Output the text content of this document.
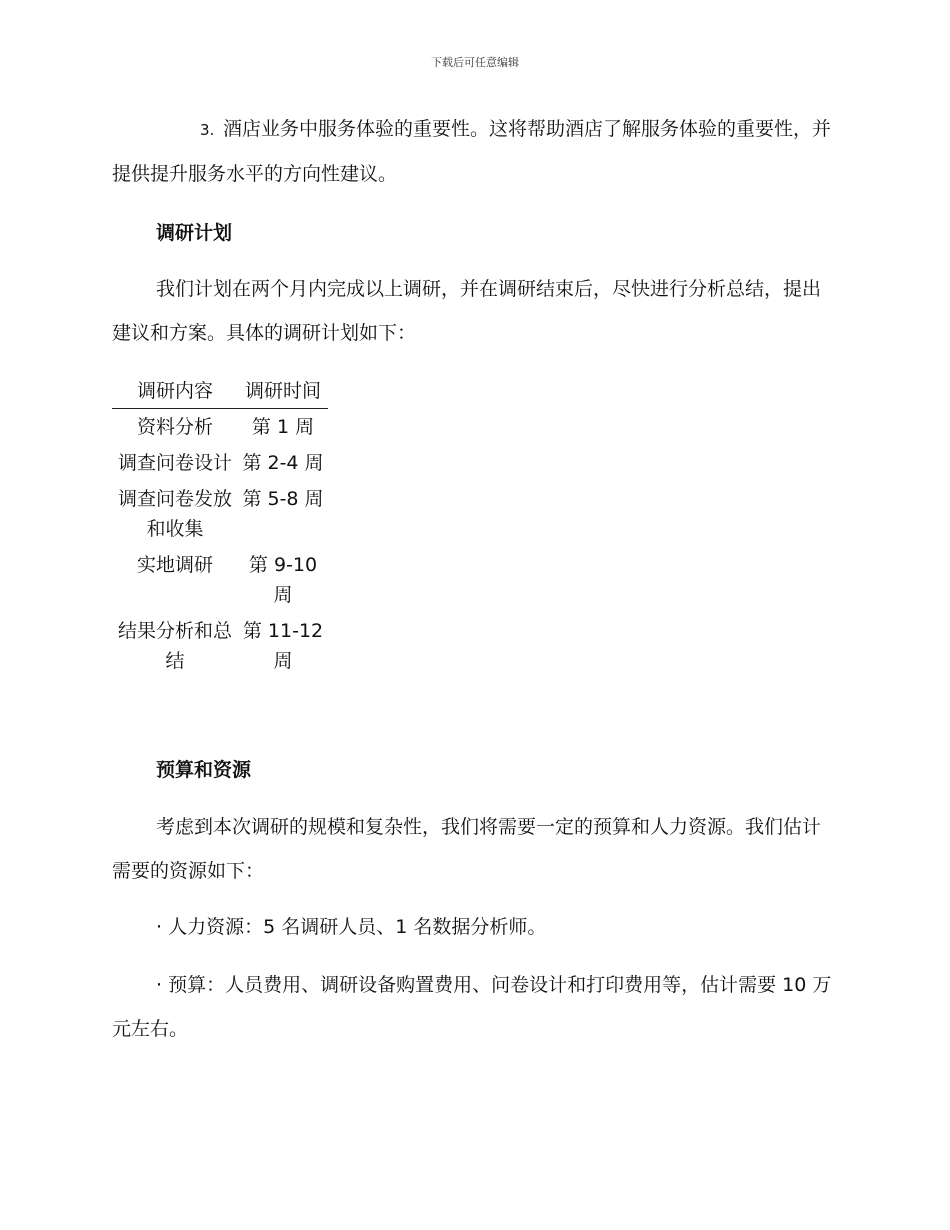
下载后可任意编辑

3. 酒店业务中服务体验的重要性。这将帮助酒店了解服务体验的重要性，并提供提升服务水平的方向性建议。

调研计划

我们计划在两个月内完成以上调研，并在调研结束后，尽快进行分析总结，提出建议和方案。具体的调研计划如下：

调研内容	调研时间
资料分析	第 1 周
调查问卷设计	第 2-4 周
调查问卷发放和收集	第 5-8 周
实地调研	第 9-10 周
结果分析和总结	第 11-12 周
预算和资源

考虑到本次调研的规模和复杂性，我们将需要一定的预算和人力资源。我们估计需要的资源如下：

· 人力资源：5 名调研人员、1 名数据分析师。

· 预算：人员费用、调研设备购置费用、问卷设计和打印费用等，估计需要 10 万元左右。
